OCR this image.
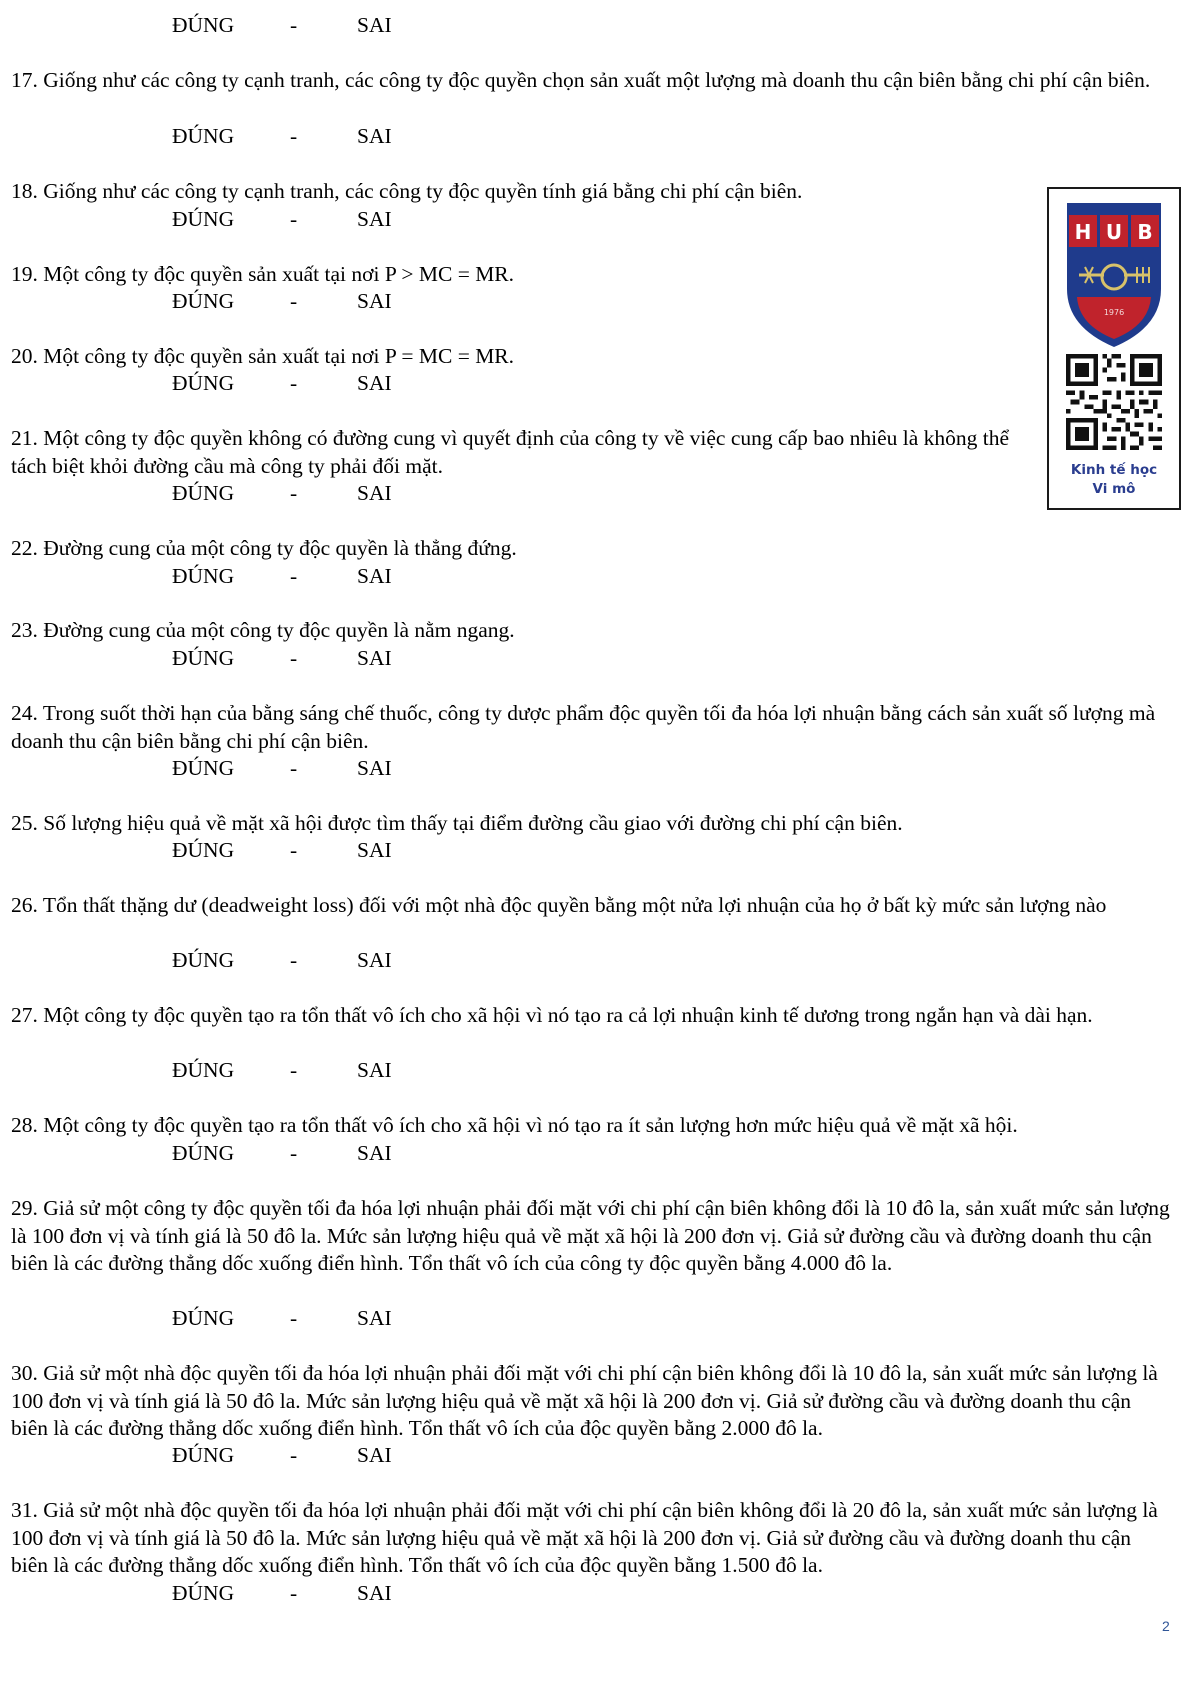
ĐÚNG	-	SAI
17. Giống như các công ty cạnh tranh, các công ty độc quyền chọn sản xuất một lượng mà doanh thu cận biên bằng chi phí cận biên.
ĐÚNG	-	SAI
18. Giống như các công ty cạnh tranh, các công ty độc quyền tính giá bằng chi phí cận biên.
ĐÚNG	-	SAI
19. Một công ty độc quyền sản xuất tại nơi P > MC = MR.
ĐÚNG	-	SAI
20. Một công ty độc quyền sản xuất tại nơi P = MC = MR.
ĐÚNG	-	SAI
21. Một công ty độc quyền không có đường cung vì quyết định của công ty về việc cung cấp bao nhiêu là không thể tách biệt khỏi đường cầu mà công ty phải đối mặt.
ĐÚNG	-	SAI
22. Đường cung của một công ty độc quyền là thẳng đứng.
ĐÚNG	-	SAI
23. Đường cung của một công ty độc quyền là nằm ngang.
ĐÚNG	-	SAI
24. Trong suốt thời hạn của bằng sáng chế thuốc, công ty dược phẩm độc quyền tối đa hóa lợi nhuận bằng cách sản xuất số lượng mà doanh thu cận biên bằng chi phí cận biên.
ĐÚNG	-	SAI
25. Số lượng hiệu quả về mặt xã hội được tìm thấy tại điểm đường cầu giao với đường chi phí cận biên.
ĐÚNG	-	SAI
26. Tổn thất thặng dư (deadweight loss) đối với một nhà độc quyền bằng một nửa lợi nhuận của họ ở bất kỳ mức sản lượng nào
ĐÚNG	-	SAI
27. Một công ty độc quyền tạo ra tổn thất vô ích cho xã hội vì nó tạo ra cả lợi nhuận kinh tế dương trong ngắn hạn và dài hạn.
ĐÚNG	-	SAI
28. Một công ty độc quyền tạo ra tổn thất vô ích cho xã hội vì nó tạo ra ít sản lượng hơn mức hiệu quả về mặt xã hội.
ĐÚNG	-	SAI
29. Giả sử một công ty độc quyền tối đa hóa lợi nhuận phải đối mặt với chi phí cận biên không đổi là 10 đô la, sản xuất mức sản lượng là 100 đơn vị và tính giá là 50 đô la. Mức sản lượng hiệu quả về mặt xã hội là 200 đơn vị. Giả sử đường cầu và đường doanh thu cận biên là các đường thẳng dốc xuống điển hình. Tổn thất vô ích của công ty độc quyền bằng 4.000 đô la.
ĐÚNG	-	SAI
30. Giả sử một nhà độc quyền tối đa hóa lợi nhuận phải đối mặt với chi phí cận biên không đổi là 10 đô la, sản xuất mức sản lượng là 100 đơn vị và tính giá là 50 đô la. Mức sản lượng hiệu quả về mặt xã hội là 200 đơn vị. Giả sử đường cầu và đường doanh thu cận biên là các đường thẳng dốc xuống điển hình. Tổn thất vô ích của độc quyền bằng 2.000 đô la.
ĐÚNG	-	SAI
31. Giả sử một nhà độc quyền tối đa hóa lợi nhuận phải đối mặt với chi phí cận biên không đổi là 20 đô la, sản xuất mức sản lượng là 100 đơn vị và tính giá là 50 đô la. Mức sản lượng hiệu quả về mặt xã hội là 200 đơn vị. Giả sử đường cầu và đường doanh thu cận biên là các đường thẳng dốc xuống điển hình. Tổn thất vô ích của độc quyền bằng 1.500 đô la.
ĐÚNG	-	SAI
H U B
1976
Kinh tế học
Vi mô
2
